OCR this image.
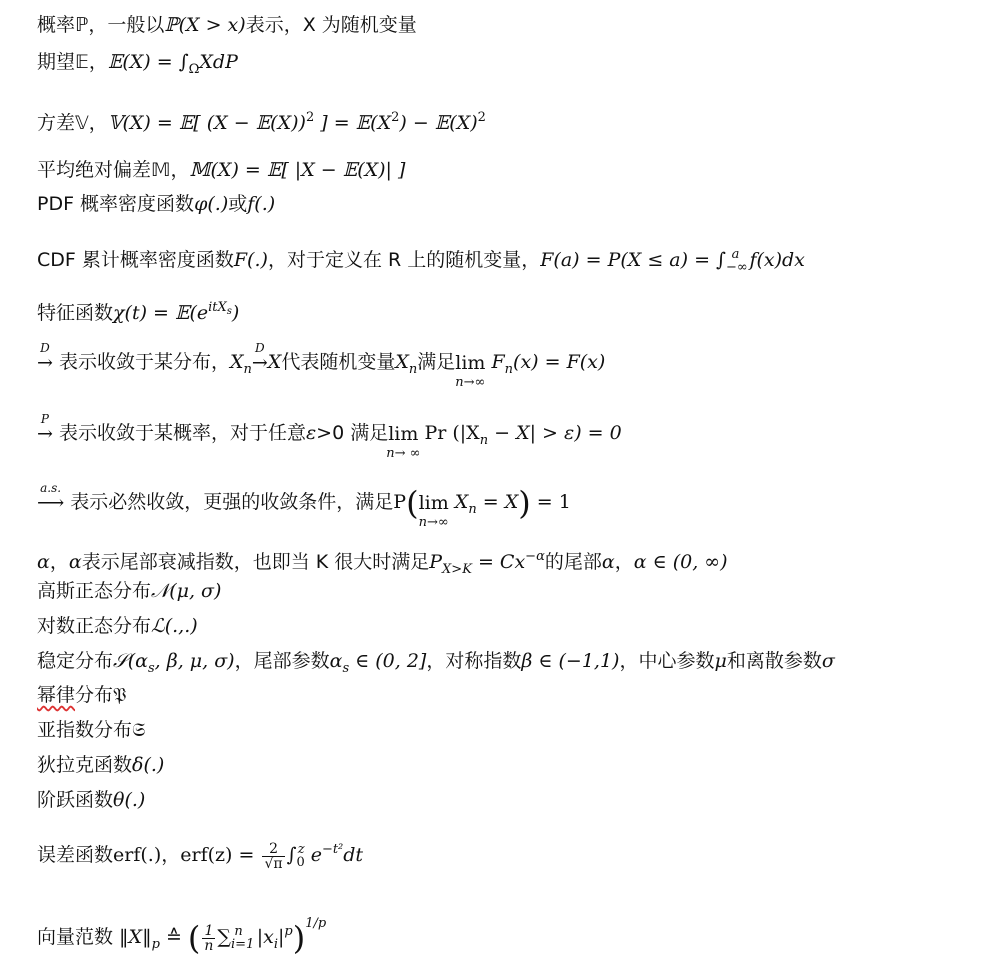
概率ℙ，一般以ℙ(X > x)表示，X 为随机变量
期望𝔼，𝔼(X) = $\int_\Omega XdP$
方差𝕍，𝕍(X) = 𝔼[ (X − 𝔼(X))$^2$ ] = $𝔼(X^2)$ − $𝔼(X)^2$
平均绝对偏差𝕄，𝕄(X) = 𝔼[ |X − 𝔼(X)| ]
PDF 概率密度函数φ(.)或f(.)
CDF 累计概率密度函数F(.)，对于定义在 R 上的随机变量，$F(a) = P(X \le a) = \int_{-\infty}^a$ f(x)dx
特征函数$\chi(t) = 𝔼(e^{itXs})$
D
→ 表示收敛于某分布，$X_n$
D
→X代表随机变量$X_n$满足lim
n→∞
$F_n(x) = F(x)$
P
→ 表示收敛于某概率，对于任意ε>0 满足lim
n→ ∞
Pr $(|X_n - X| > \varepsilon) = 0$
a.s.
⟶ 表示必然收敛，更强的收敛条件，满足P(lim
n→∞
$X_n = X) = 1$
α，α表示尾部衰减指数，也即当 K 很大时满足$P_{X>K} = Cx^{-\alpha}$的尾部α，α ∈ (0, ∞)
高斯正态分布𝒩(μ, σ)
对数正态分布ℒ(.,.)
稳定分布$𝒮(\alpha_s$, β, μ, σ)，尾部参数$\alpha_s$ ∈ (0, 2]，对称指数β ∈ (−1,1)，中心参数μ和离散参数σ
幂律分布𝔓
亚指数分布𝔖
狄拉克函数δ(.)
阶跃函数θ(.)
误差函数erf(.)，$erf(z) = \frac{2}{√\pi} \int_0^z$ $e^{-t^2}dt$
向量范数 $‖X‖_p$ ≙ ( $\frac{1}{n} \sum_{i=1}^n$ $|x_i|^p)^{1/p}$
